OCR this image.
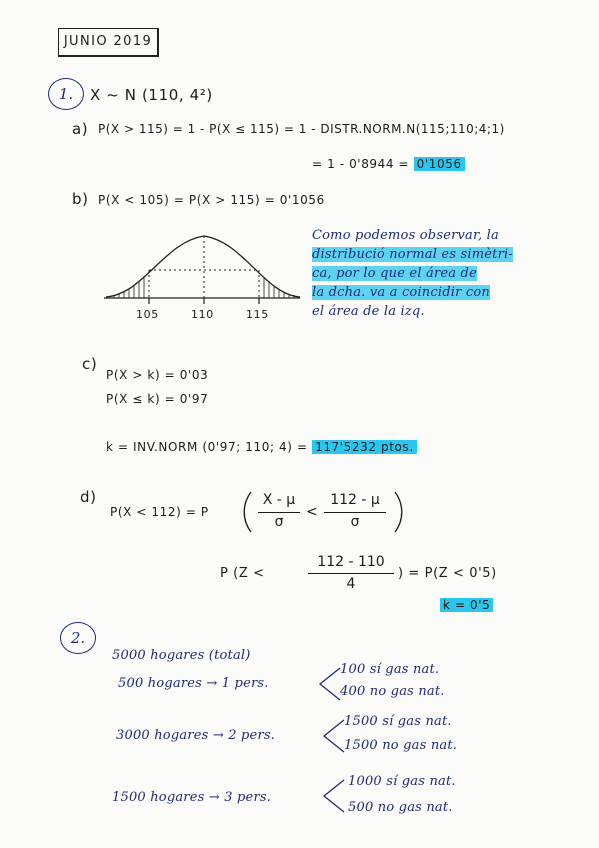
JUNIO 2019
1.	X ~ N (110, 4²)
a) P(X > 115) = 1 - P(X ≤ 115) = 1 - DISTR.NORM.N(115;110;4;1)
= 1 - 0'8944 = 0'1056
b) P(X < 105) = P(X > 115) = 0'1056
105	110	115
Como podemos observar, la
distribució normal es simètri-
ca, por lo que el área de
la dcha. va a coincidir con
el área de la izq.
c)
P(X > k) = 0'03
P(X ≤ k) = 0'97
k = INV.NORM (0'97; 110; 4) = 117'5232 ptos.
d)
P(X < 112) = P
X - μ
σ
<
112 - μ
σ
P (Z <
112 - 110
4
) = P(Z < 0'5)
k = 0'5
2.
5000 hogares (total)
500 hogares → 1 pers.
100 sí gas nat.
400 no gas nat.
3000 hogares → 2 pers.
1500 sí gas nat.
1500 no gas nat.
1500 hogares → 3 pers.
1000 sí gas nat.
500 no gas nat.
